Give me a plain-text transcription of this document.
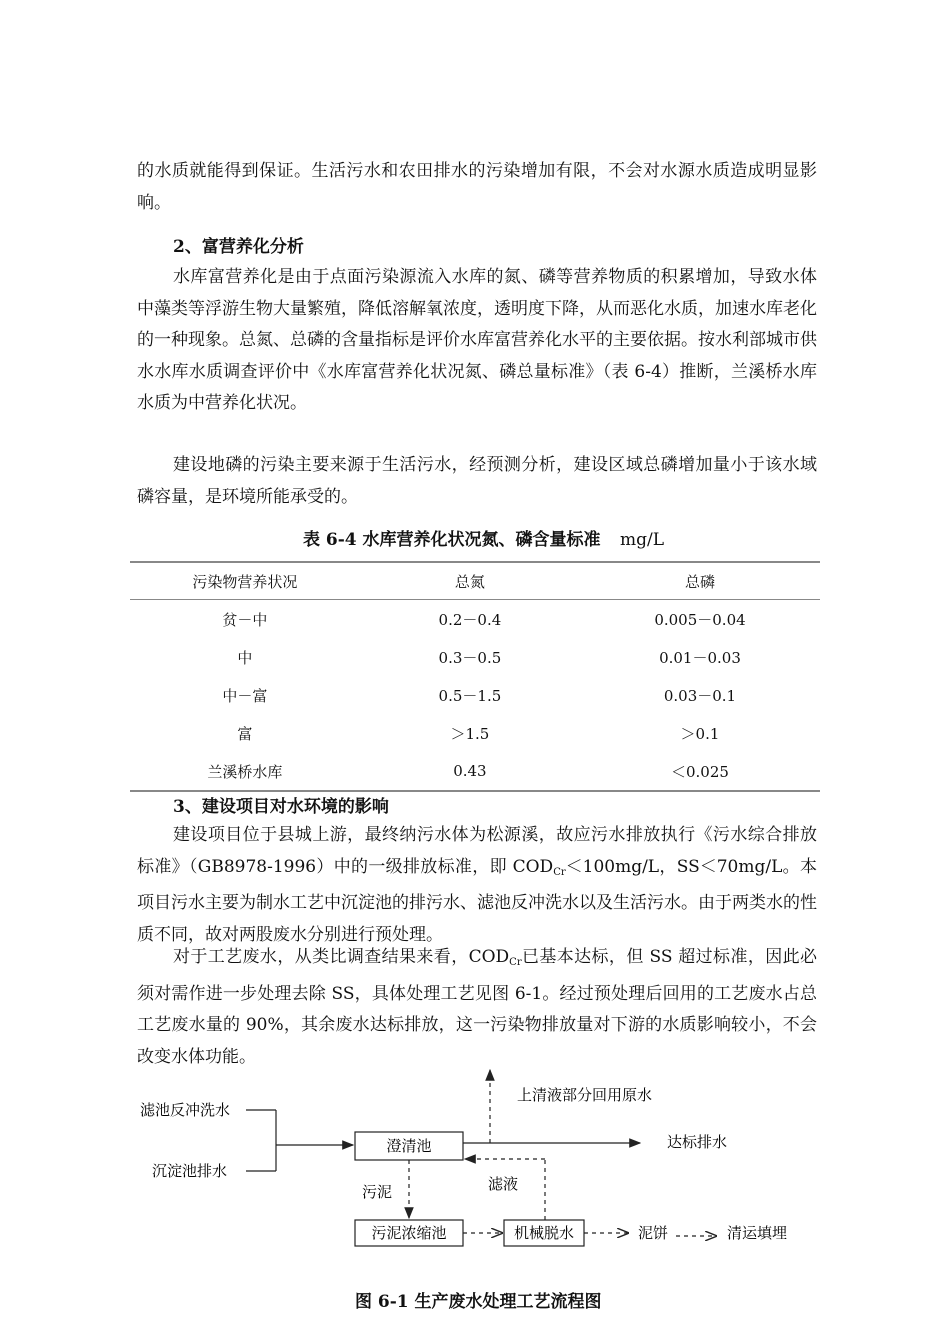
的水质就能得到保证。生活污水和农田排水的污染增加有限，不会对水源水质造成明显影响。

2、富营养化分析

水库富营养化是由于点面污染源流入水库的氮、磷等营养物质的积累增加，导致水体中藻类等浮游生物大量繁殖，降低溶解氧浓度，透明度下降，从而恶化水质，加速水库老化的一种现象。总氮、总磷的含量指标是评价水库富营养化水平的主要依据。按水利部城市供水水库水质调查评价中《水库富营养化状况氮、磷总量标准》（表 6-4）推断，兰溪桥水库水质为中营养化状况。

建设地磷的污染主要来源于生活污水，经预测分析，建设区域总磷增加量小于该水域磷容量，是环境所能承受的。

表 6-4 水库营养化状况氮、磷含量标准 mg/L

污染物营养状况	总氮	总磷
贫－中	0.2－0.4	0.005－0.04
中	0.3－0.5	0.01－0.03
中－富	0.5－1.5	0.03－0.1
富	＞1.5	＞0.1
兰溪桥水库	0.43	＜0.025

3、建设项目对水环境的影响

建设项目位于县城上游，最终纳污水体为松源溪，故应污水排放执行《污水综合排放标准》（GB8978-1996）中的一级排放标准，即 $COD_{Cr}<100mg/L$，SS＜70mg/L。本项目污水主要为制水工艺中沉淀池的排污水、滤池反冲洗水以及生活污水。由于两类水的性质不同，故对两股废水分别进行预处理。

对于工艺废水，从类比调查结果来看，$COD_{Cr}$已基本达标，但 SS 超过标准，因此必须对需作进一步处理去除 SS，具体处理工艺见图 6-1。经过预处理后回用的工艺废水占总工艺废水量的 90%，其余废水达标排放，这一污染物排放量对下游的水质影响较小，不会改变水体功能。

滤池反冲洗水
沉淀池排水
澄清池	达标排水
上清液部分回用原水
污泥	滤液
污泥浓缩池	机械脱水	泥饼	清运填埋

图 6-1 生产废水处理工艺流程图
